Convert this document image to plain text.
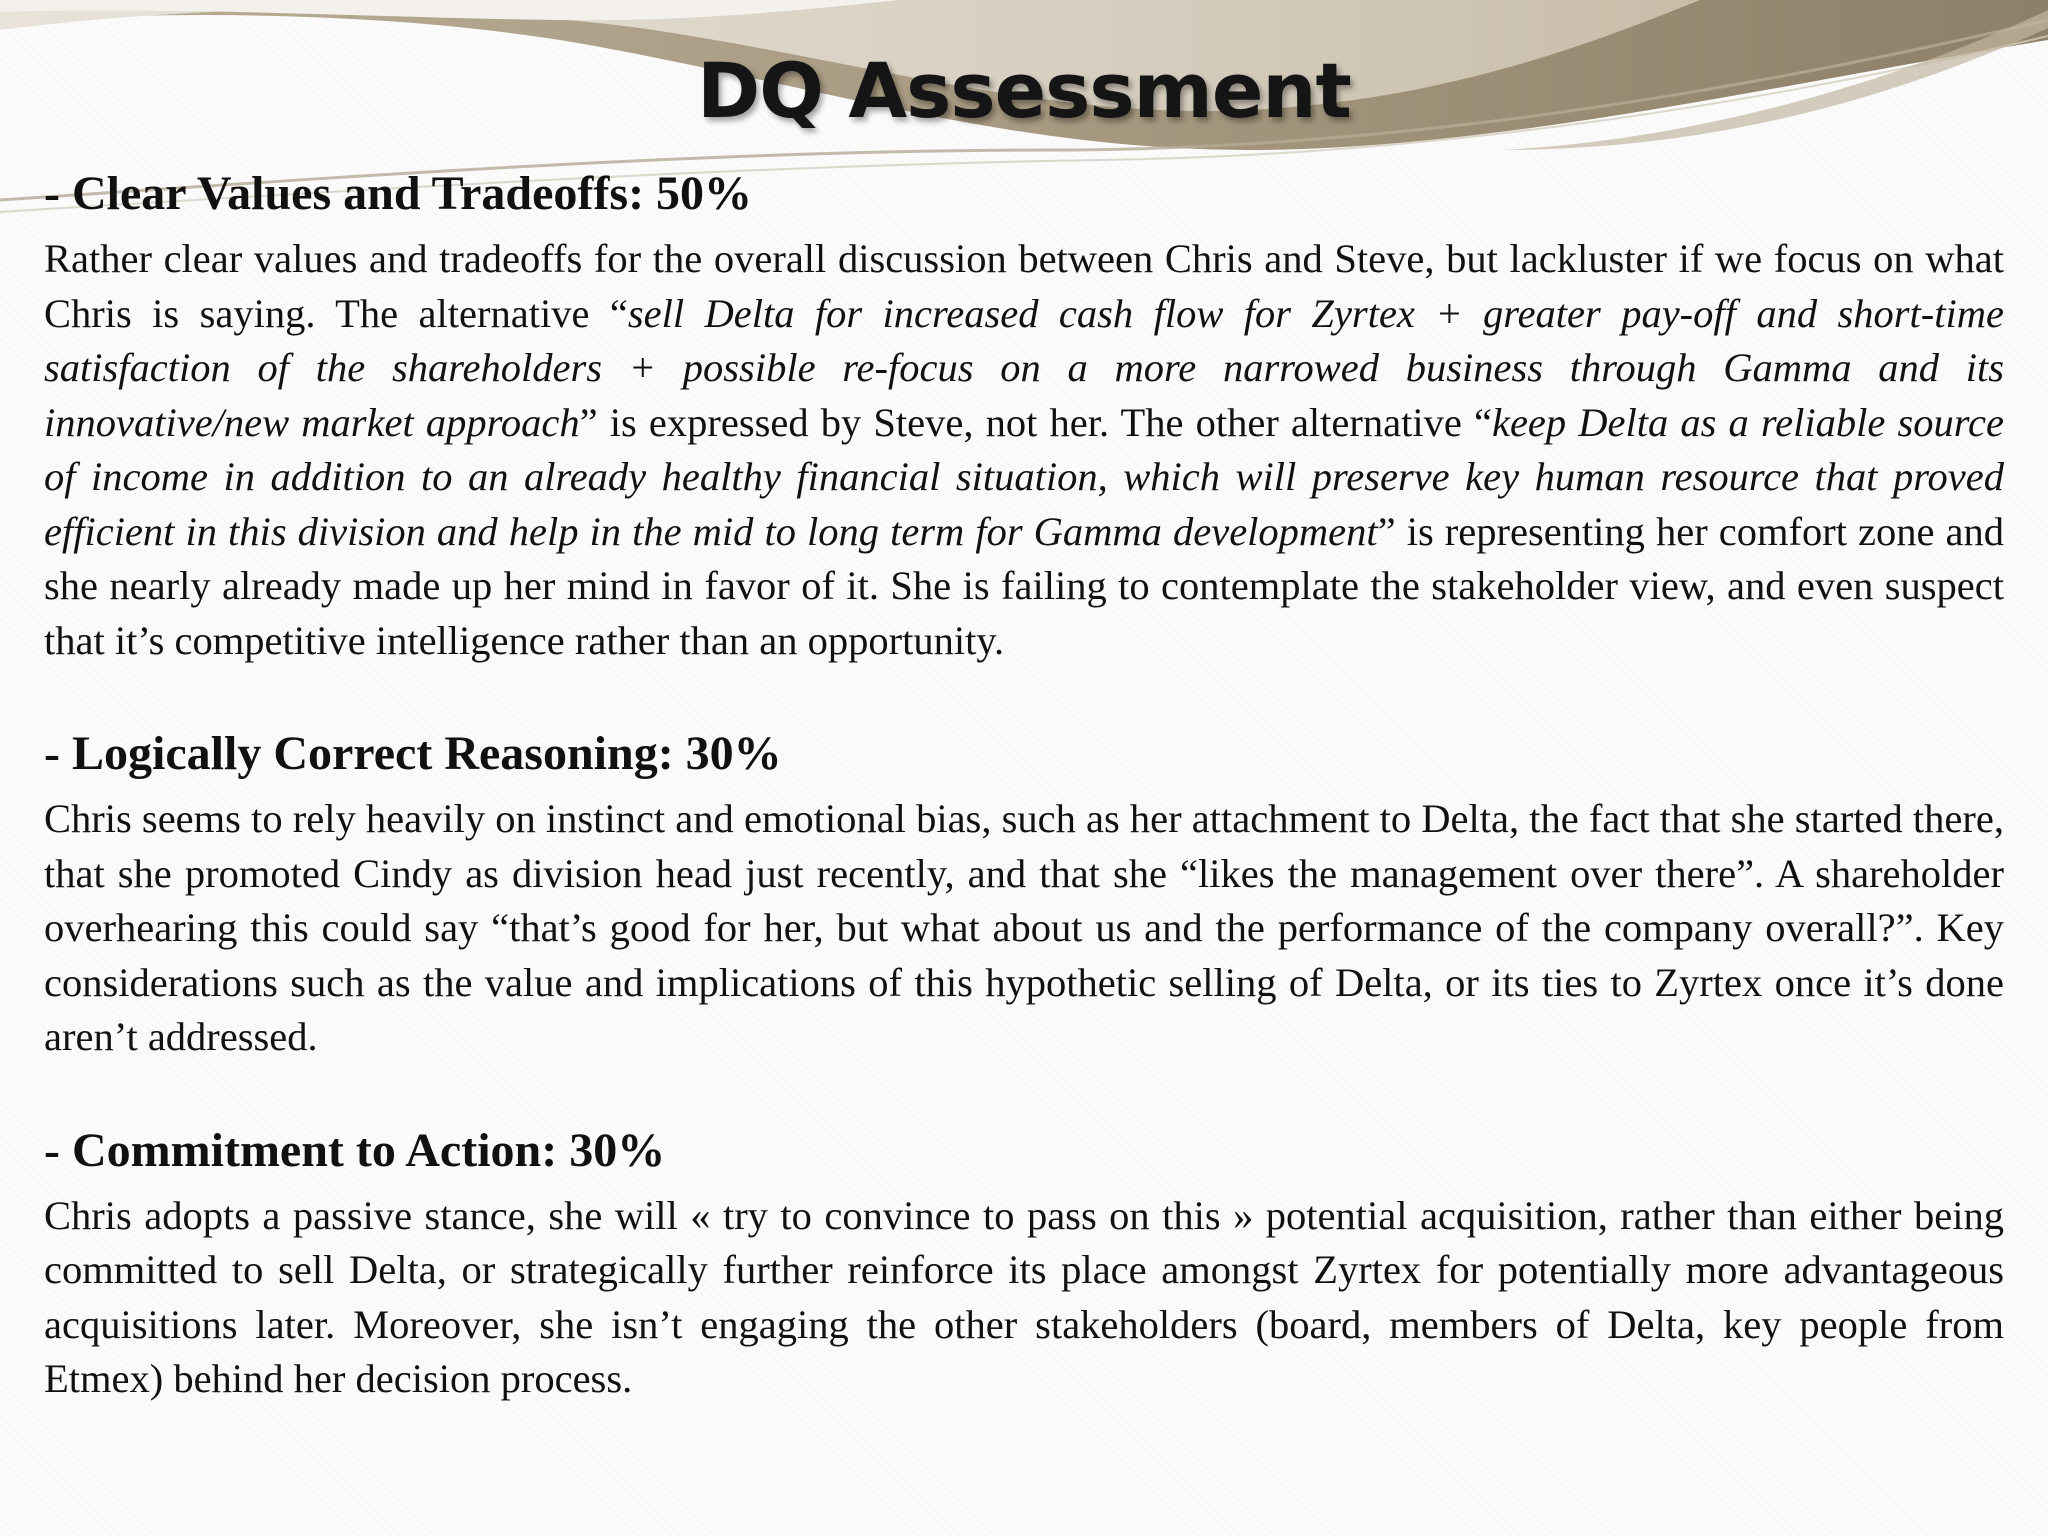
DQ Assessment
- Clear Values and Tradeoffs: 50%

Rather clear values and tradeoffs for the overall discussion between Chris and Steve, but lackluster if we focus on what Chris is saying. The alternative “sell Delta for increased cash flow for Zyrtex + greater pay-off and short-time satisfaction of the shareholders + possible re-focus on a more narrowed business through Gamma and its innovative/new market approach” is expressed by Steve, not her. The other alternative “keep Delta as a reliable source of income in addition to an already healthy financial situation, which will preserve key human resource that proved efficient in this division and help in the mid to long term for Gamma development” is representing her comfort zone and she nearly already made up her mind in favor of it. She is failing to contemplate the stakeholder view, and even suspect that it’s competitive intelligence rather than an opportunity.

- Logically Correct Reasoning: 30%

Chris seems to rely heavily on instinct and emotional bias, such as her attachment to Delta, the fact that she started there, that she promoted Cindy as division head just recently, and that she “likes the management over there”. A shareholder overhearing this could say “that’s good for her, but what about us and the performance of the company overall?”. Key considerations such as the value and implications of this hypothetic selling of Delta, or its ties to Zyrtex once it’s done aren’t addressed.

- Commitment to Action: 30%

Chris adopts a passive stance, she will « try to convince to pass on this » potential acquisition, rather than either being committed to sell Delta, or strategically further reinforce its place amongst Zyrtex for potentially more advantageous acquisitions later. Moreover, she isn’t engaging the other stakeholders (board, members of Delta, key people from Etmex) behind her decision process.
